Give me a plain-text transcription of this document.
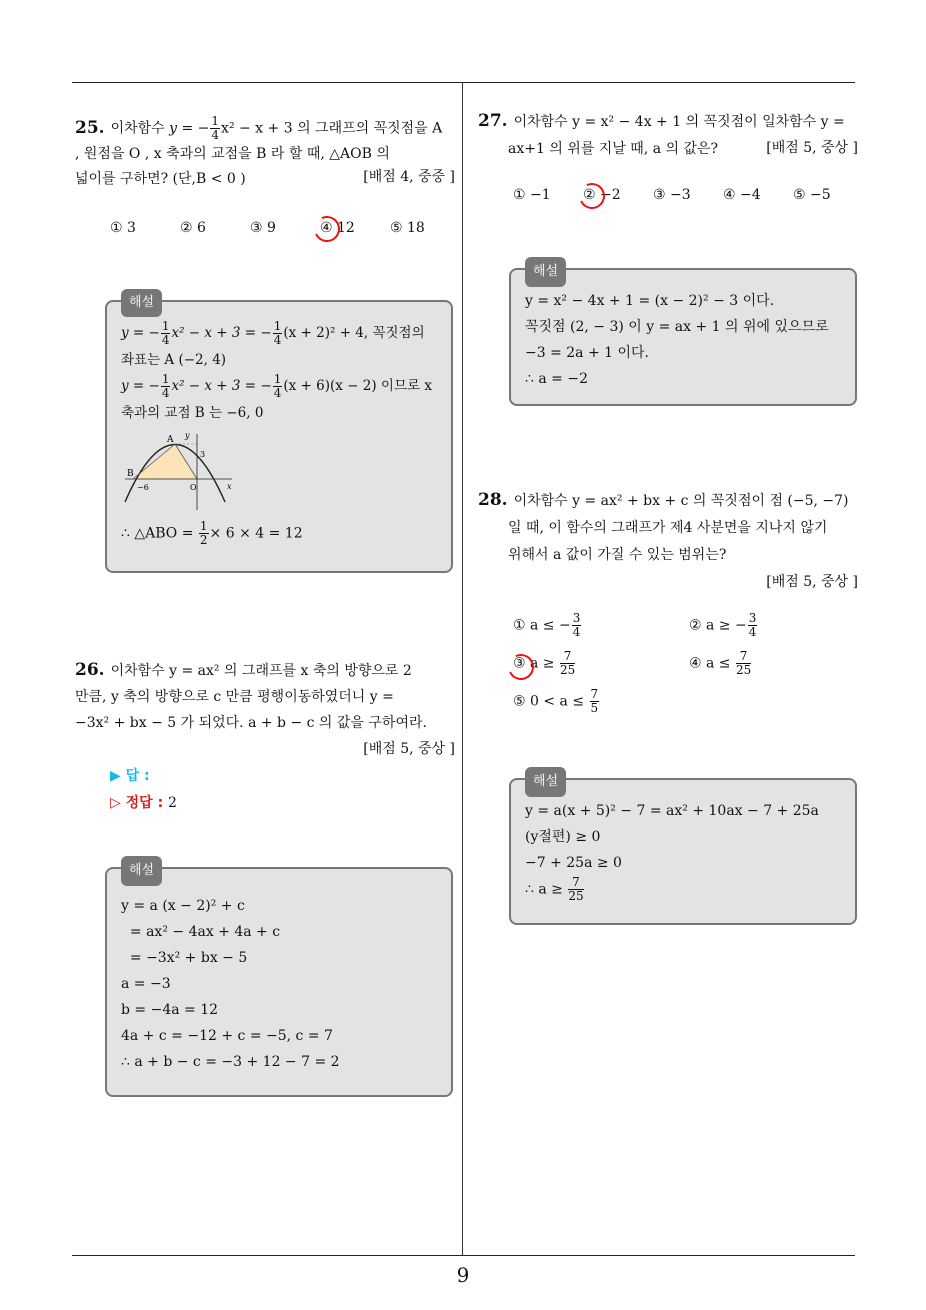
25. 이차함수 y = − $\frac{1}{4} x^2 - x + 3$ 의 그래프의 꼭짓점을 A
, 원점을 O , x 축과의 교점을 B 라 할 때, △AOB 의
넓이를 구하면? (단,B < 0 )	[배점 4, 중중 ]
① 3	② 6	③ 9	④ 12	⑤ 18
해설
y = − $\frac{1}{4} x^2 - x + 3$ = − $\frac{1}{4} (x + 2)^2 + 4$, 꼭짓점의
좌표는 A (−2, 4)
y = − $\frac{1}{4} x^2 - x + 3$ = − $\frac{1}{4} (x + 6)(x - 2)$ 이므로 x
축과의 교점 B 는 −6, 0
y
A
3
B
−6	O	x
∴ △ABO = $\frac{1}{2} \times 6 \times 4 = 12$
26. 이차함수 y = ax² 의 그래프를 x 축의 방향으로 2
만큼, y 축의 방향으로 c 만큼 평행이동하였더니 y =
−3x² + bx − 5 가 되었다. a + b − c 의 값을 구하여라.

[배점 5, 중상 ]
▶ 답 :
▷ 정답 : 2
해설
y = a (x − 2)² + c
= ax² − 4ax + 4a + c
= −3x² + bx − 5
a = −3
b = −4a = 12
4a + c = −12 + c = −5, c = 7
∴ a + b − c = −3 + 12 − 7 = 2
27. 이차함수 y = x² − 4x + 1 의 꼭짓점이 일차함수 y =
ax+1 의 위를 지날 때, a 의 값은?	[배점 5, 중상 ]
① −1	② −2	③ −3	④ −4	⑤ −5
해설
y = x² − 4x + 1 = (x − 2)² − 3 이다.
꼭짓점 (2, − 3) 이 y = ax + 1 의 위에 있으므로
−3 = 2a + 1 이다.
∴ a = −2
28. 이차함수 y = ax² + bx + c 의 꼭짓점이 점 (−5, −7)
일 때, 이 함수의 그래프가 제4 사분면을 지나지 않기
위해서 a 값이 가질 수 있는 범위는?

[배점 5, 중상 ]
① a ≤ − $\frac{3}{4}$	② a ≥ − $\frac{3}{4}$
③ $a \ge \frac{7}{25}$	④ $a \le \frac{7}{25}$
⑤ $0 < a \le \frac{7}{5}$
해설
y = a(x + 5)² − 7 = ax² + 10ax − 7 + 25a
(y절편) ≥ 0
−7 + 25a ≥ 0
∴ $a \ge \frac{7}{25}$
9
